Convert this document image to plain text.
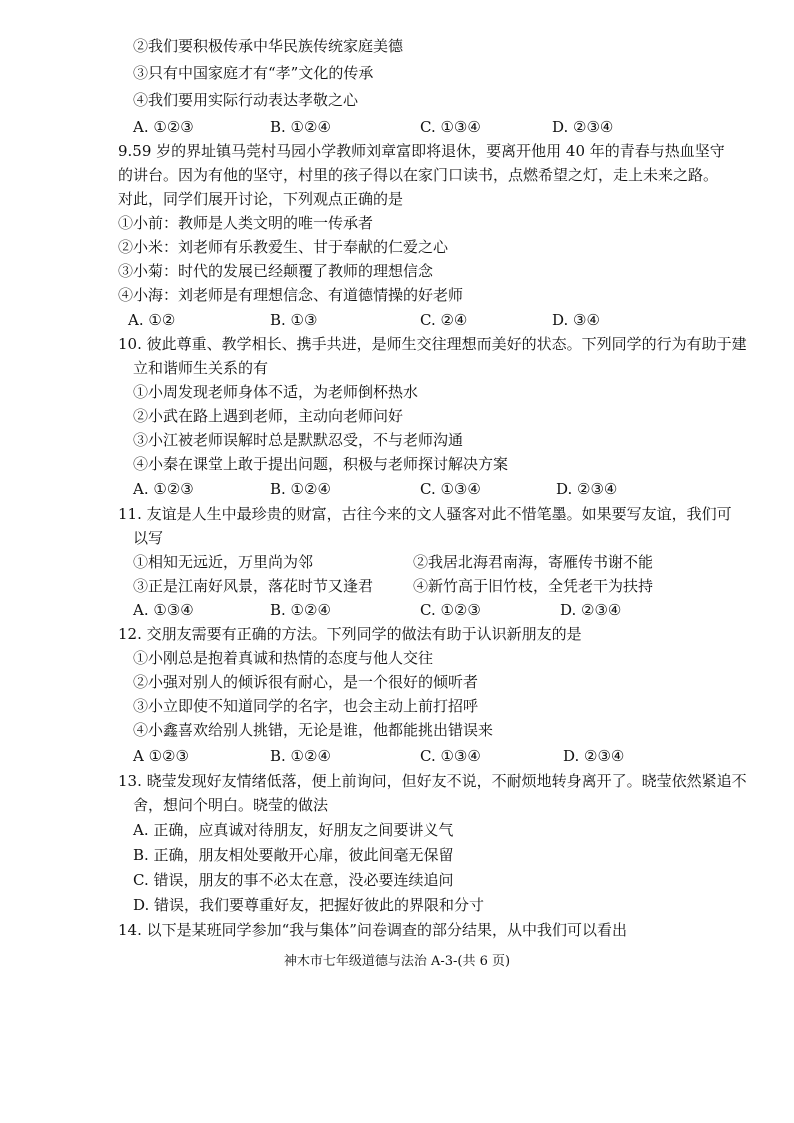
②我们要积极传承中华民族传统家庭美德
③只有中国家庭才有“孝”文化的传承
④我们要用实际行动表达孝敬之心
A. ①②③	B. ①②④	C. ①③④	D. ②③④
9.59 岁的界址镇马莞村马园小学教师刘章富即将退休，要离开他用 40 年的青春与热血坚守
的讲台。因为有他的坚守，村里的孩子得以在家门口读书，点燃希望之灯，走上未来之路。
对此，同学们展开讨论，下列观点正确的是
①小前：教师是人类文明的唯一传承者
②小米：刘老师有乐教爱生、甘于奉献的仁爱之心
③小菊：时代的发展已经颠覆了教师的理想信念
④小海：刘老师是有理想信念、有道德情操的好老师
A. ①②	B. ①③	C. ②④	D. ③④
10. 彼此尊重、教学相长、携手共进，是师生交往理想而美好的状态。下列同学的行为有助于建
立和谐师生关系的有
①小周发现老师身体不适，为老师倒杯热水
②小武在路上遇到老师，主动向老师问好
③小江被老师误解时总是默默忍受，不与老师沟通
④小秦在课堂上敢于提出问题，积极与老师探讨解决方案
A. ①②③	B. ①②④	C. ①③④	D. ②③④
11. 友谊是人生中最珍贵的财富，古往今来的文人骚客对此不惜笔墨。如果要写友谊，我们可
以写
①相知无远近，万里尚为邻	②我居北海君南海，寄雁传书谢不能
③正是江南好风景，落花时节又逢君	④新竹高于旧竹枝，全凭老干为扶持
A. ①③④	B. ①②④	C. ①②③	D. ②③④
12. 交朋友需要有正确的方法。下列同学的做法有助于认识新朋友的是
①小刚总是抱着真诚和热情的态度与他人交往
②小强对别人的倾诉很有耐心，是一个很好的倾听者
③小立即使不知道同学的名字，也会主动上前打招呼
④小鑫喜欢给别人挑错，无论是谁，他都能挑出错误来
A ①②③	B. ①②④	C. ①③④	D. ②③④
13. 晓莹发现好友情绪低落，便上前询问，但好友不说，不耐烦地转身离开了。晓莹依然紧追不
舍，想问个明白。晓莹的做法
A. 正确，应真诚对待朋友，好朋友之间要讲义气
B. 正确，朋友相处要敞开心扉，彼此间毫无保留
C. 错误，朋友的事不必太在意，没必要连续追问
D. 错误，我们要尊重好友，把握好彼此的界限和分寸
14. 以下是某班同学参加“我与集体”问卷调查的部分结果，从中我们可以看出
神木市七年级道德与法治 A-3-(共 6 页)
